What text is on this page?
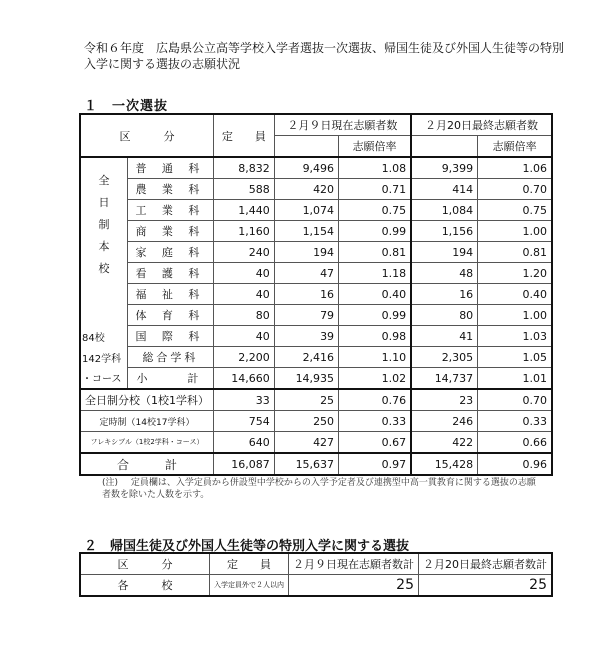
令和６年度　広島県公立高等学校入学者選抜一次選抜、帰国生徒及び外国人生徒等の特別入学に関する選抜の志願状況
１　一次選抜
区　　　分		定　　員	２月９日現在志願者数		２月20日最終志願者数	
				志願倍率		志願倍率

全
日
制
本
校	普 通 科	8,832	9,496	1.08	9,399	1.06
	農 業 科	588	420	0.71	414	0.70
	工 業 科	1,440	1,074	0.75	1,084	0.75
	商 業 科	1,160	1,154	0.99	1,156	1.00
	家 庭 科	240	194	0.81	194	0.81
	看 護 科	40	47	1.18	48	1.20
	福 祉 科	40	16	0.40	16	0.40
	体 育 科	80	79	0.99	80	1.00
84校	国 際 科	40	39	0.98	41	1.03
142学科	総合学科	2,200	2,416	1.10	2,305	1.05
・コース	小　　計	14,660	14,935	1.02	14,737	1.01
全日制分校（1校1学科）		33	25	0.76	23	0.70
定時制（14校17学科）		754	250	0.33	246	0.33
フレキシブル（1校2学科・コース）		640	427	0.67	422	0.66
合　　　計		16,087	15,637	0.97	15,428	0.96
(注) 定員欄は、入学定員から併設型中学校からの入学予定者及び連携型中高一貫教育に関する選抜の志願者数を除いた人数を示す。
２　帰国生徒及び外国人生徒等の特別入学に関する選抜
区　　　分	定　　員	２月９日現在志願者数計	２月20日最終志願者数計
各　　　校	入学定員外で２人以内	25	25
